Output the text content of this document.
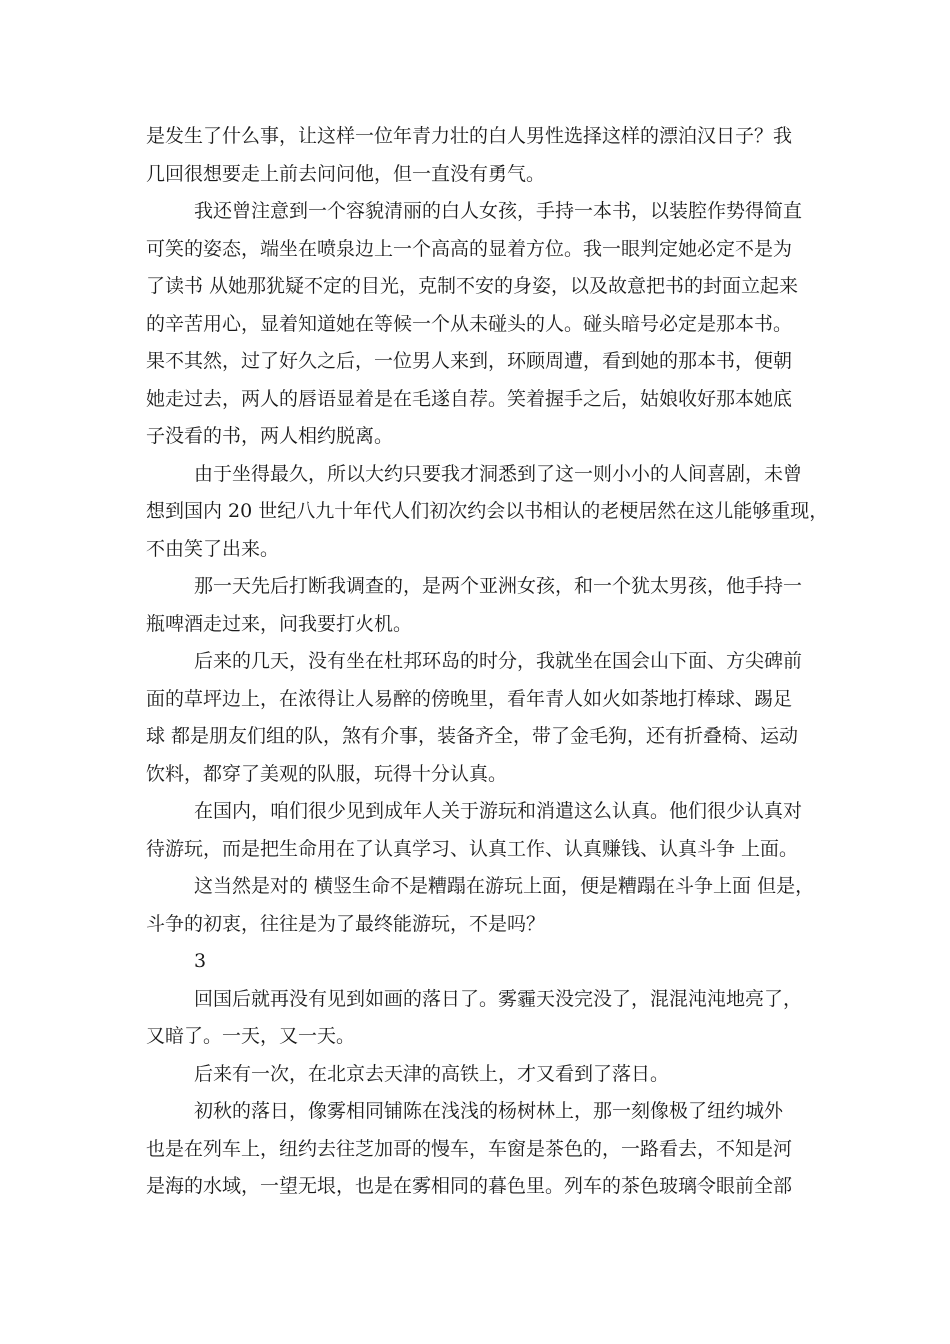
是发生了什么事，让这样一位年青力壮的白人男性选择这样的漂泊汉日子？我
几回很想要走上前去问问他，但一直没有勇气。
我还曾注意到一个容貌清丽的白人女孩，手持一本书，以装腔作势得简直
可笑的姿态，端坐在喷泉边上一个高高的显着方位。我一眼判定她必定不是为
了读书 从她那犹疑不定的目光，克制不安的身姿，以及故意把书的封面立起来
的辛苦用心，显着知道她在等候一个从未碰头的人。碰头暗号必定是那本书。
果不其然，过了好久之后，一位男人来到，环顾周遭，看到她的那本书，便朝
她走过去，两人的唇语显着是在毛遂自荐。笑着握手之后，姑娘收好那本她底
子没看的书，两人相约脱离。
由于坐得最久，所以大约只要我才洞悉到了这一则小小的人间喜剧，未曾
想到国内 20 世纪八九十年代人们初次约会以书相认的老梗居然在这儿能够重现，
不由笑了出来。
那一天先后打断我调查的，是两个亚洲女孩，和一个犹太男孩，他手持一
瓶啤酒走过来，问我要打火机。
后来的几天，没有坐在杜邦环岛的时分，我就坐在国会山下面、方尖碑前
面的草坪边上，在浓得让人易醉的傍晚里，看年青人如火如荼地打棒球、踢足
球 都是朋友们组的队，煞有介事，装备齐全，带了金毛狗，还有折叠椅、运动
饮料，都穿了美观的队服，玩得十分认真。
在国内，咱们很少见到成年人关于游玩和消遣这么认真。他们很少认真对
待游玩，而是把生命用在了认真学习、认真工作、认真赚钱、认真斗争 上面。
这当然是对的 横竖生命不是糟蹋在游玩上面，便是糟蹋在斗争上面 但是，
斗争的初衷，往往是为了最终能游玩，不是吗？
3
回国后就再没有见到如画的落日了。雾霾天没完没了，混混沌沌地亮了，
又暗了。一天，又一天。
后来有一次，在北京去天津的高铁上，才又看到了落日。
初秋的落日，像雾相同铺陈在浅浅的杨树林上，那一刻像极了纽约城外
也是在列车上，纽约去往芝加哥的慢车，车窗是茶色的，一路看去，不知是河
是海的水域，一望无垠，也是在雾相同的暮色里。列车的茶色玻璃令眼前全部
